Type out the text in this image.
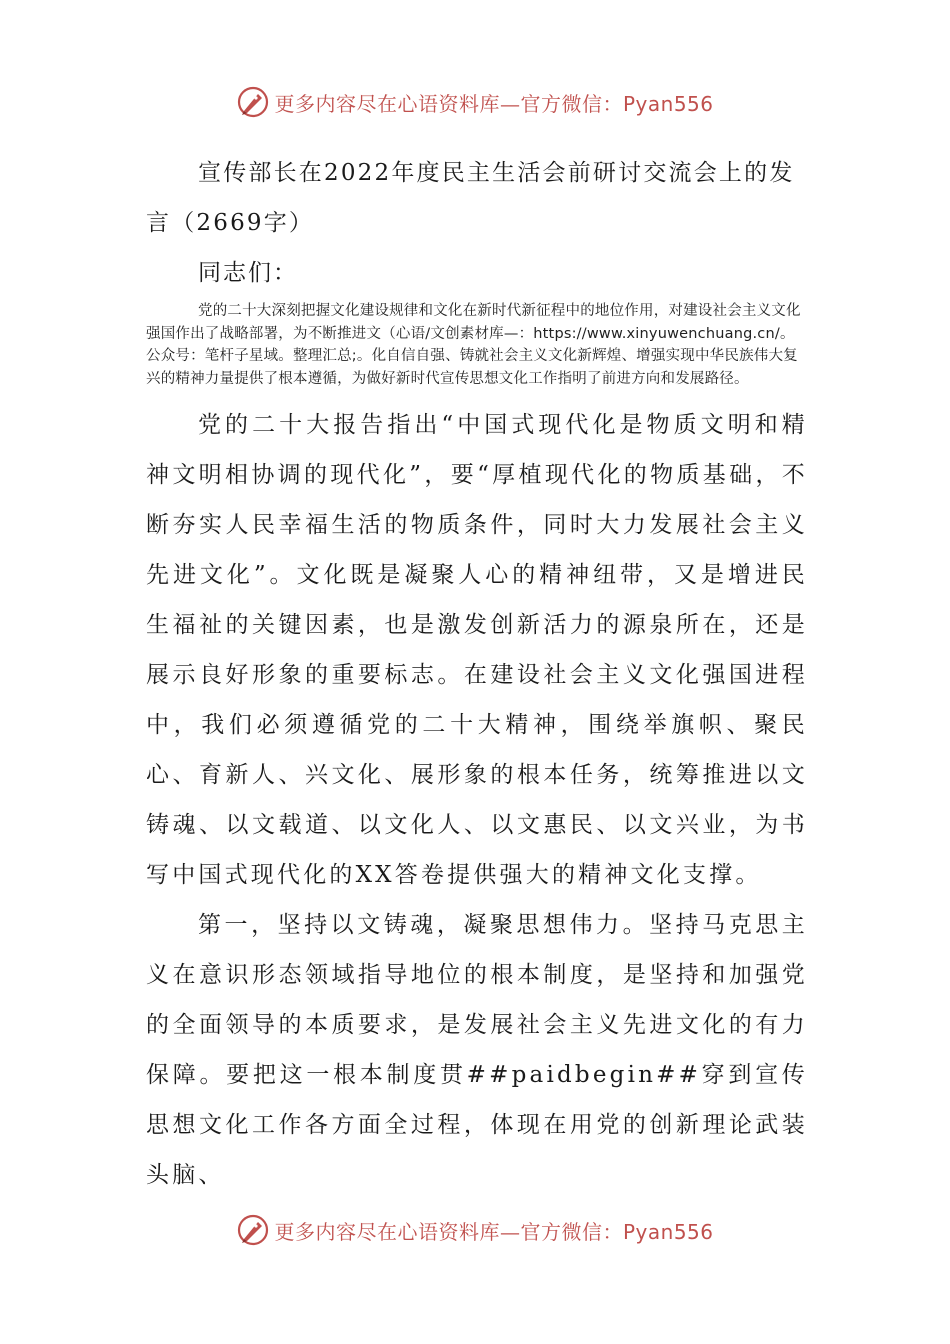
更多内容尽在心语资料库—官方微信：Pyan556

宣传部长在2022年度民主生活会前研讨交流会上的发言（2669字）

同志们：

党的二十大深刻把握文化建设规律和文化在新时代新征程中的地位作用，对建设社会主义文化强国作出了战略部署，为不断推进文（心语/文创素材库—：https://www.xinyuwenchuang.cn/。公众号：笔杆子星域。整理汇总;。化自信自强、铸就社会主义文化新辉煌、增强实现中华民族伟大复兴的精神力量提供了根本遵循，为做好新时代宣传思想文化工作指明了前进方向和发展路径。

党的二十大报告指出“中国式现代化是物质文明和精神文明相协调的现代化”，要“厚植现代化的物质基础，不断夯实人民幸福生活的物质条件，同时大力发展社会主义先进文化”。文化既是凝聚人心的精神纽带，又是增进民生福祉的关键因素，也是激发创新活力的源泉所在，还是展示良好形象的重要标志。在建设社会主义文化强国进程中，我们必须遵循党的二十大精神，围绕举旗帜、聚民心、育新人、兴文化、展形象的根本任务，统筹推进以文铸魂、以文载道、以文化人、以文惠民、以文兴业，为书写中国式现代化的XX答卷提供强大的精神文化支撑。

第一，坚持以文铸魂，凝聚思想伟力。坚持马克思主义在意识形态领域指导地位的根本制度，是坚持和加强党的全面领导的本质要求，是发展社会主义先进文化的有力保障。要把这一根本制度贯##paidbegin##穿到宣传思想文化工作各方面全过程，体现在用党的创新理论武装头脑、

更多内容尽在心语资料库—官方微信：Pyan556
